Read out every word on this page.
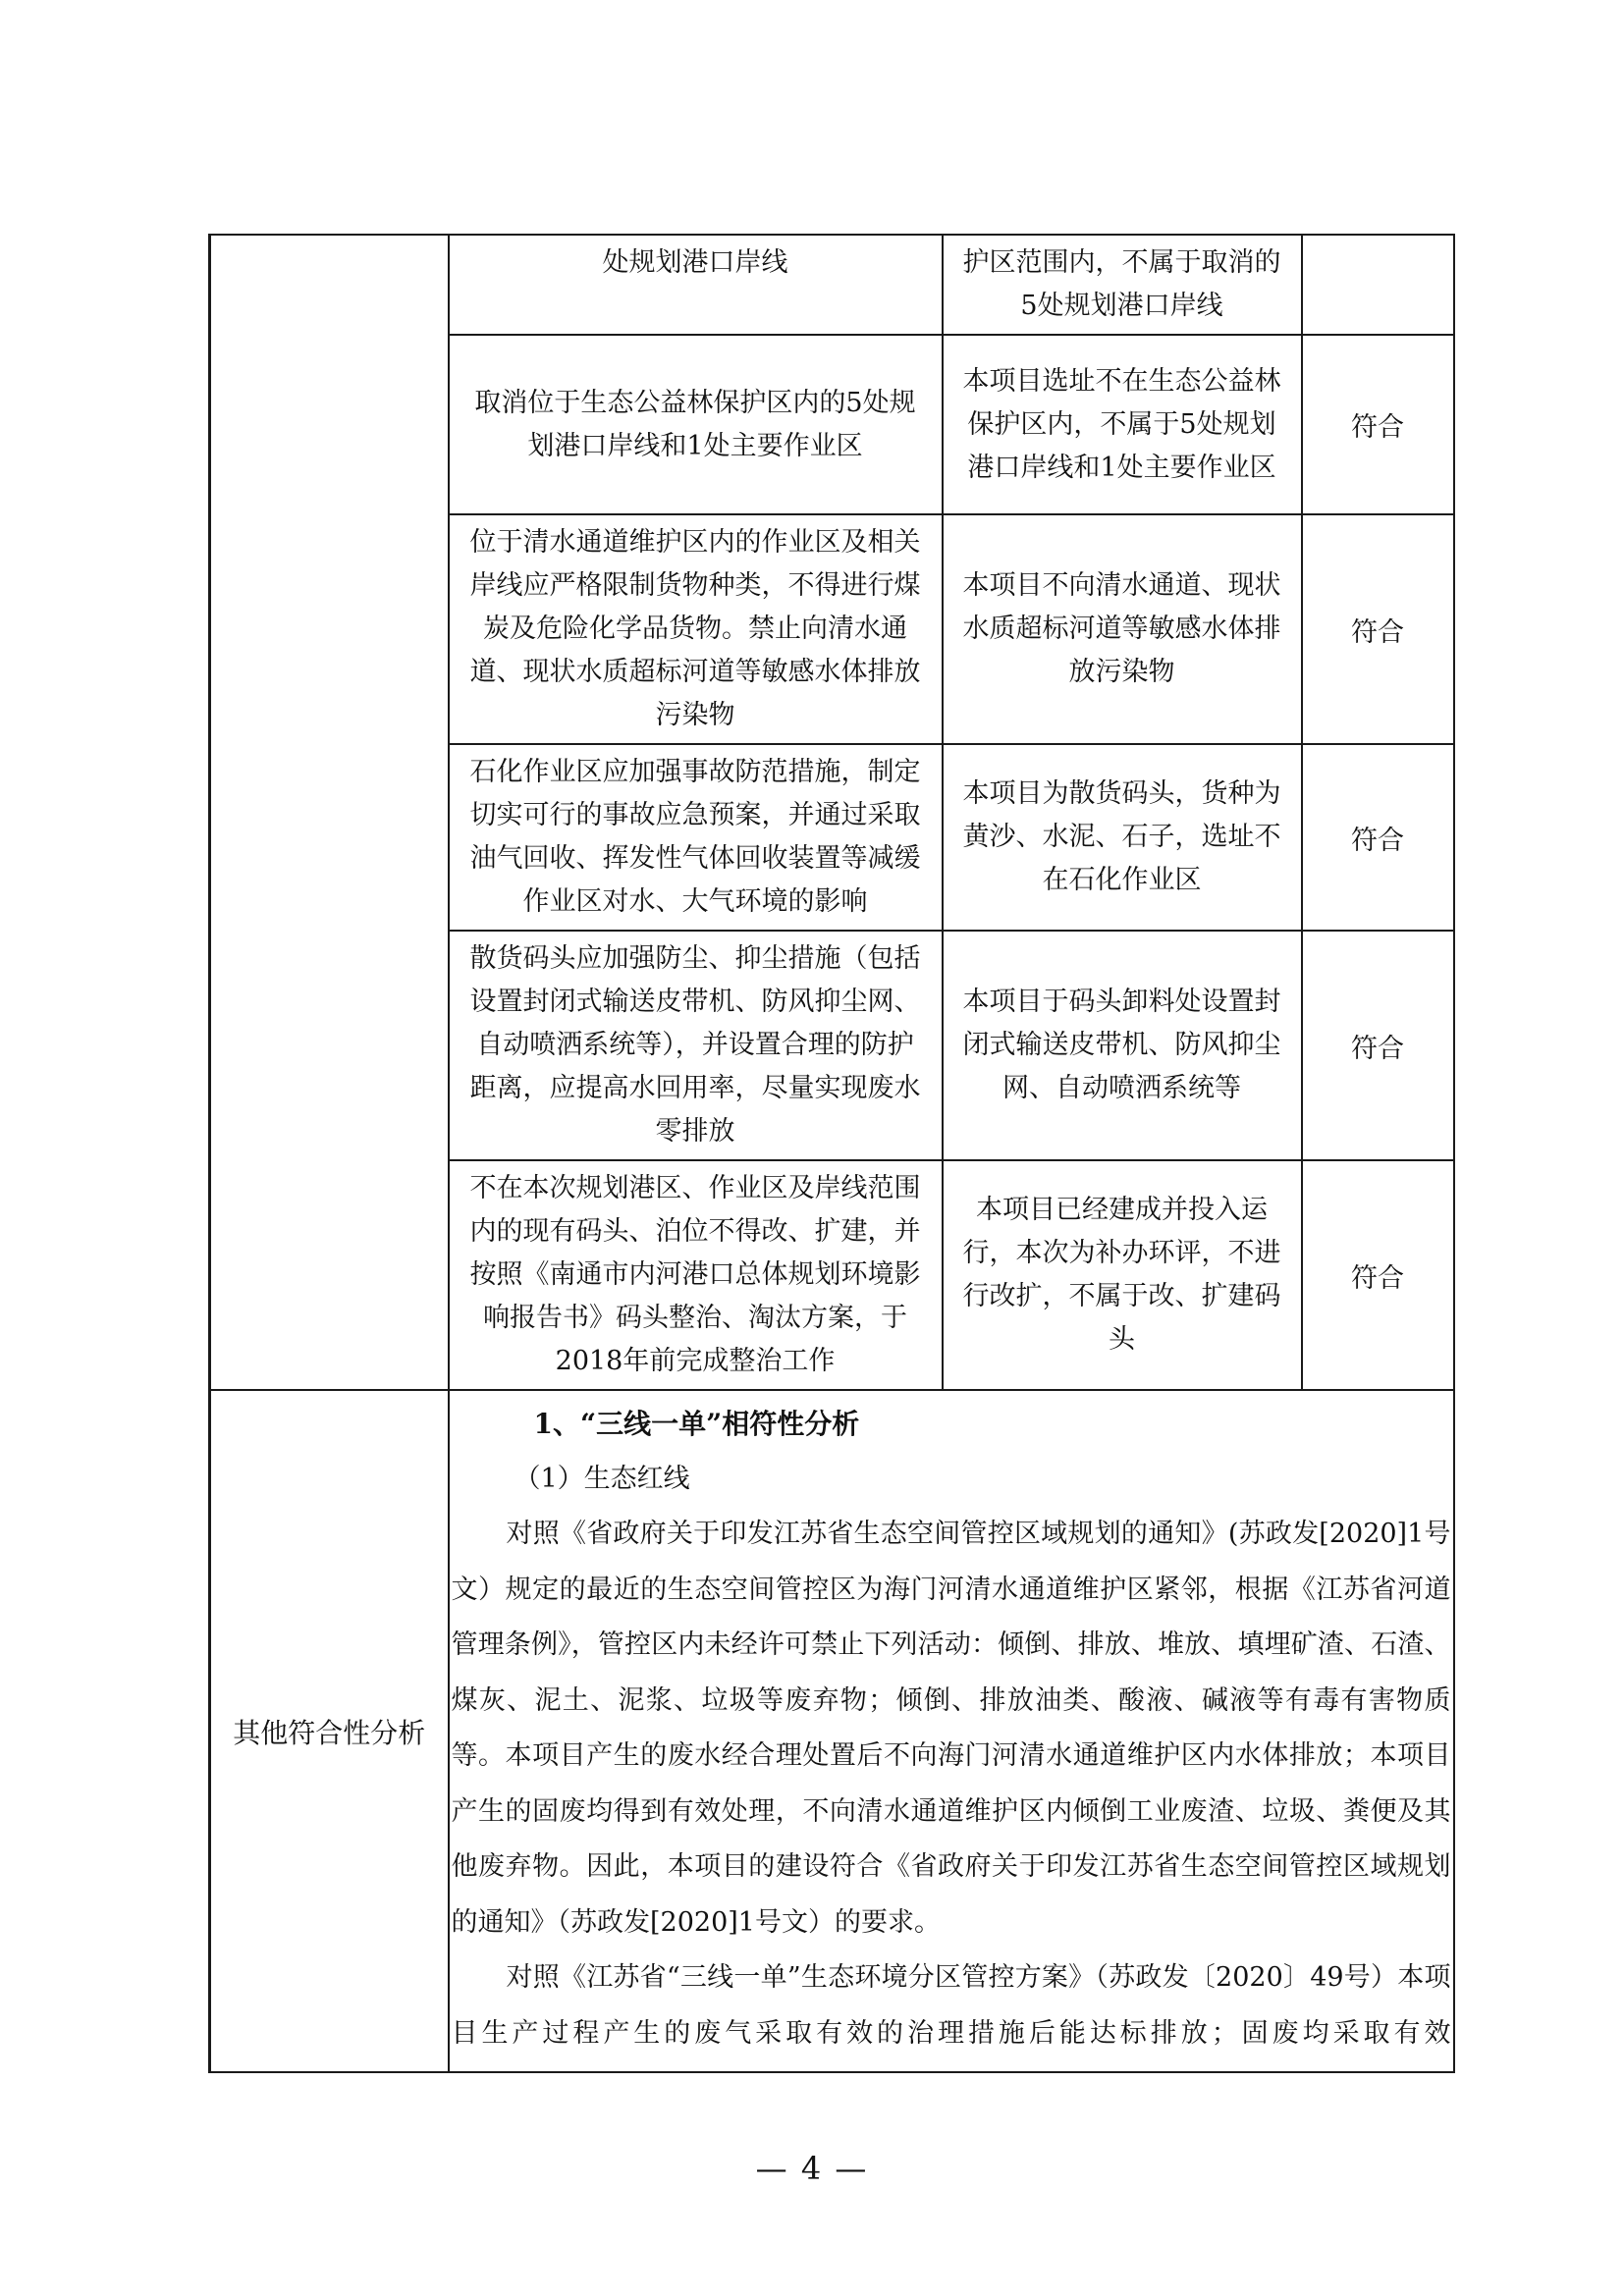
	处规划港口岸线	护区范围内，不属于取消的5处规划港口岸线	
	取消位于生态公益林保护区内的5处规划港口岸线和1处主要作业区	本项目选址不在生态公益林保护区内，不属于5处规划港口岸线和1处主要作业区	符合
	位于清水通道维护区内的作业区及相关岸线应严格限制货物种类，不得进行煤炭及危险化学品货物。禁止向清水通道、现状水质超标河道等敏感水体排放污染物	本项目不向清水通道、现状水质超标河道等敏感水体排放污染物	符合
	石化作业区应加强事故防范措施，制定切实可行的事故应急预案，并通过采取油气回收、挥发性气体回收装置等减缓作业区对水、大气环境的影响	本项目为散货码头，货种为黄沙、水泥、石子，选址不在石化作业区	符合
	散货码头应加强防尘、抑尘措施（包括设置封闭式输送皮带机、防风抑尘网、自动喷洒系统等），并设置合理的防护距离，应提高水回用率，尽量实现废水零排放	本项目于码头卸料处设置封闭式输送皮带机、防风抑尘网、自动喷洒系统等	符合
	不在本次规划港区、作业区及岸线范围内的现有码头、泊位不得改、扩建，并按照《南通市内河港口总体规划环境影响报告书》码头整治、淘汰方案，于2018年前完成整治工作	本项目已经建成并投入运行，本次为补办环评，不进行改扩，不属于改、扩建码头	符合
其他符合性分析	1、“三线一单”相符性分析
（1）生态红线

对照《省政府关于印发江苏省生态空间管控区域规划的通知》(苏政发[2020]1号文）规定的最近的生态空间管控区为海门河清水通道维护区紧邻，根据《江苏省河道管理条例》，管控区内未经许可禁止下列活动：倾倒、排放、堆放、填埋矿渣、石渣、煤灰、泥土、泥浆、垃圾等废弃物；倾倒、排放油类、酸液、碱液等有毒有害物质等。本项目产生的废水经合理处置后不向海门河清水通道维护区内水体排放；本项目产生的固废均得到有效处理，不向清水通道维护区内倾倒工业废渣、垃圾、粪便及其他废弃物。因此，本项目的建设符合《省政府关于印发江苏省生态空间管控区域规划的通知》（苏政发[2020]1号文）的要求。

对照《江苏省“三线一单”生态环境分区管控方案》（苏政发〔2020〕49号）本项目生产过程产生的废气采取有效的治理措施后能达标排放；固废均采取有效		

— 4 —
